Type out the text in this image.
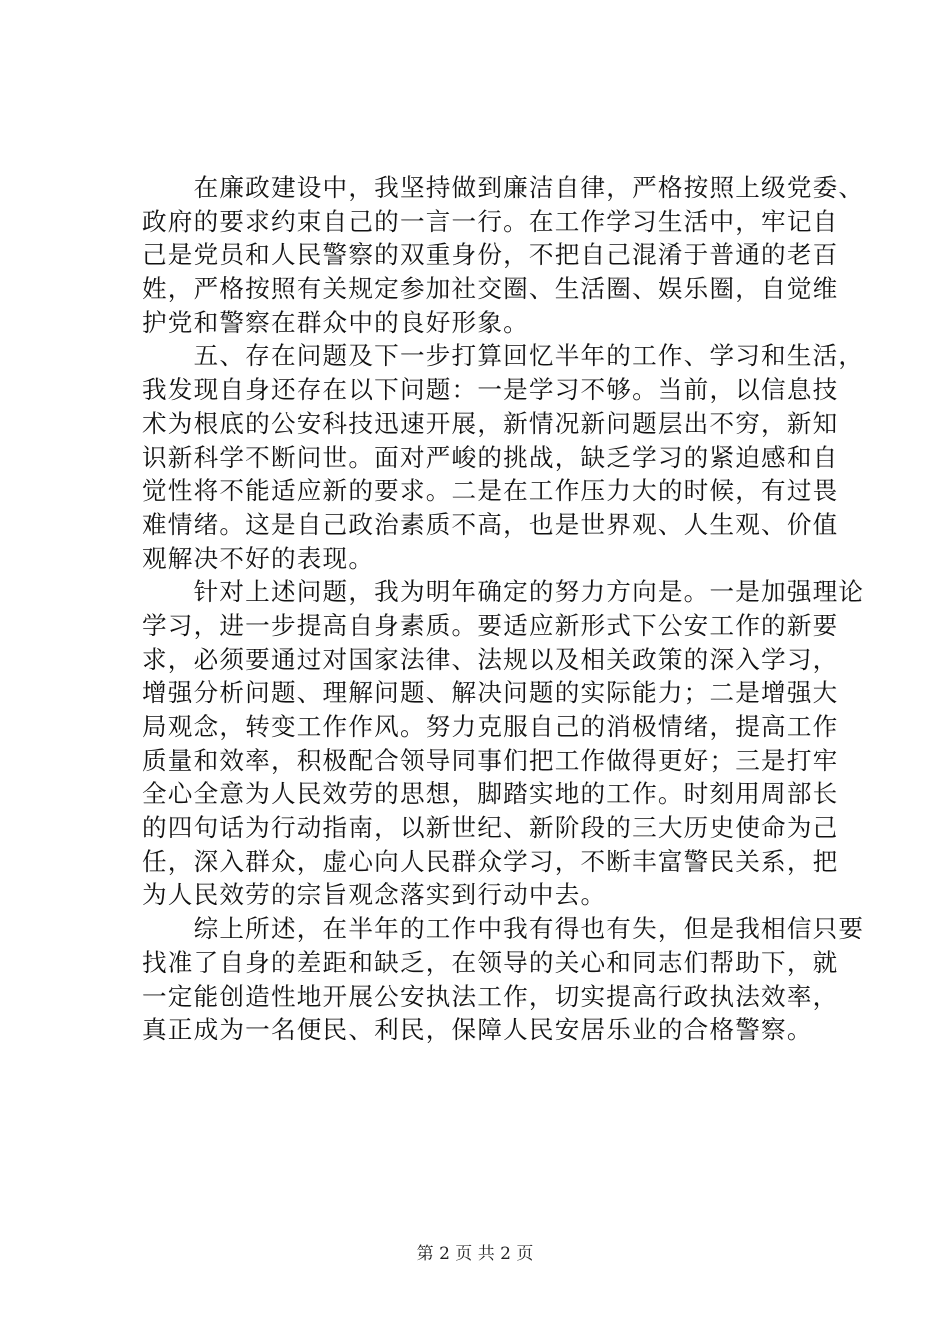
　　在廉政建设中，我坚持做到廉洁自律，严格按照上级党委、
政府的要求约束自己的一言一行。在工作学习生活中，牢记自
己是党员和人民警察的双重身份，不把自己混淆于普通的老百
姓，严格按照有关规定参加社交圈、生活圈、娱乐圈，自觉维
护党和警察在群众中的良好形象。
　　五、存在问题及下一步打算回忆半年的工作、学习和生活，
我发现自身还存在以下问题：一是学习不够。当前，以信息技
术为根底的公安科技迅速开展，新情况新问题层出不穷，新知
识新科学不断问世。面对严峻的挑战，缺乏学习的紧迫感和自
觉性将不能适应新的要求。二是在工作压力大的时候，有过畏
难情绪。这是自己政治素质不高，也是世界观、人生观、价值
观解决不好的表现。
　　针对上述问题，我为明年确定的努力方向是。一是加强理论
学习，进一步提高自身素质。要适应新形式下公安工作的新要
求，必须要通过对国家法律、法规以及相关政策的深入学习，
增强分析问题、理解问题、解决问题的实际能力；二是增强大
局观念，转变工作作风。努力克服自己的消极情绪，提高工作
质量和效率，积极配合领导同事们把工作做得更好；三是打牢
全心全意为人民效劳的思想，脚踏实地的工作。时刻用周部长
的四句话为行动指南，以新世纪、新阶段的三大历史使命为己
任，深入群众，虚心向人民群众学习，不断丰富警民关系，把
为人民效劳的宗旨观念落实到行动中去。
　　综上所述，在半年的工作中我有得也有失，但是我相信只要
找准了自身的差距和缺乏，在领导的关心和同志们帮助下，就
一定能创造性地开展公安执法工作，切实提高行政执法效率，
真正成为一名便民、利民，保障人民安居乐业的合格警察。
第 2 页 共 2 页
